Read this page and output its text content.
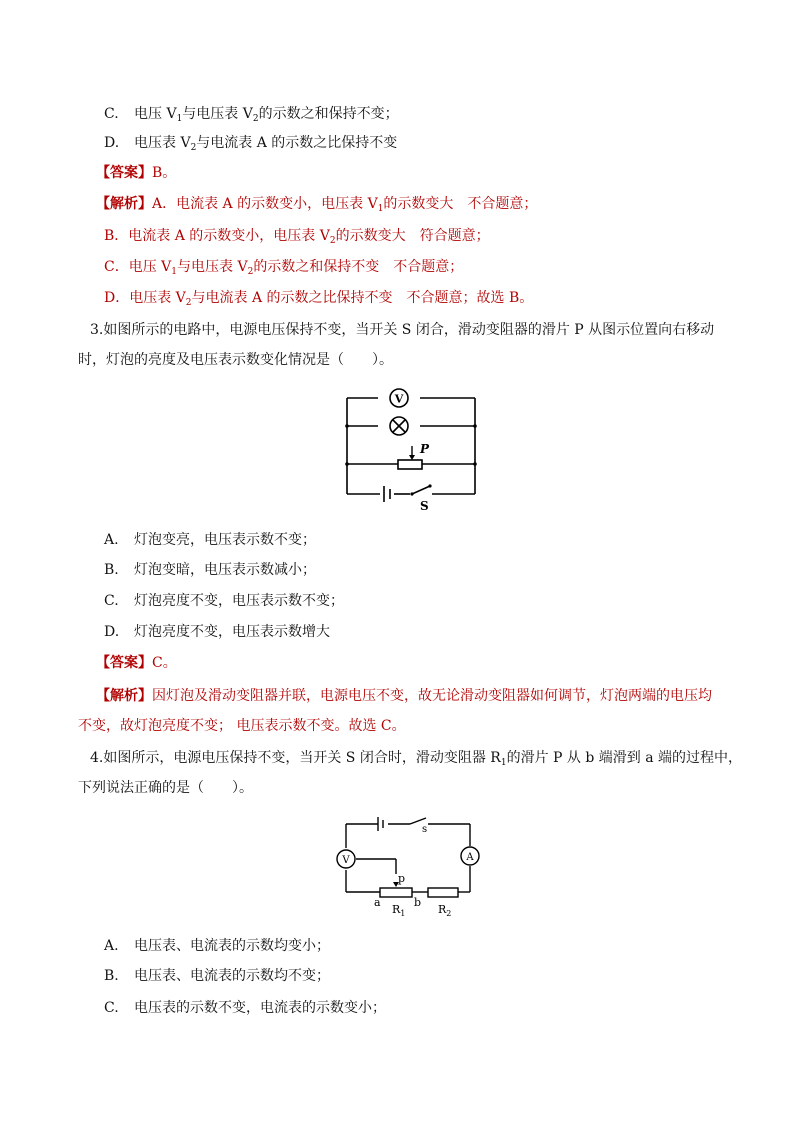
C. 电压 $V_1$与电压表 $V_2$的示数之和保持不变；
D. 电压表 $V_2$与电流表 A 的示数之比保持不变
【答案】B。
【解析】A．电流表 A 的示数变小，电压表 $V_1$的示数变大　不合题意；
B．电流表 A 的示数变小，电压表 $V_2$的示数变大　符合题意；
C．电压 $V_1$与电压表 $V_2$的示数之和保持不变　不合题意；
D．电压表 $V_2$与电流表 A 的示数之比保持不变　不合题意；故选 B。
3.如图所示的电路中，电源电压保持不变，当开关 S 闭合，滑动变阻器的滑片 P 从图示位置向右移动
时，灯泡的亮度及电压表示数变化情况是（　　）。
V
P
S
A. 灯泡变亮，电压表示数不变；
B. 灯泡变暗，电压表示数减小；
C. 灯泡亮度不变，电压表示数不变；
D. 灯泡亮度不变，电压表示数增大
【答案】C。
【解析】因灯泡及滑动变阻器并联，电源电压不变，故无论滑动变阻器如何调节，灯泡两端的电压均
不变，故灯泡亮度不变； 电压表示数不变。故选 C。
4.如图所示，电源电压保持不变，当开关 S 闭合时，滑动变阻器 $R_1$的滑片 P 从 b 端滑到 a 端的过程中，
下列说法正确的是（　　）。
V	A
p
a	b
$R_1$	$R_2$
s
A. 电压表、电流表的示数均变小；
B. 电压表、电流表的示数均不变；
C. 电压表的示数不变，电流表的示数变小；
